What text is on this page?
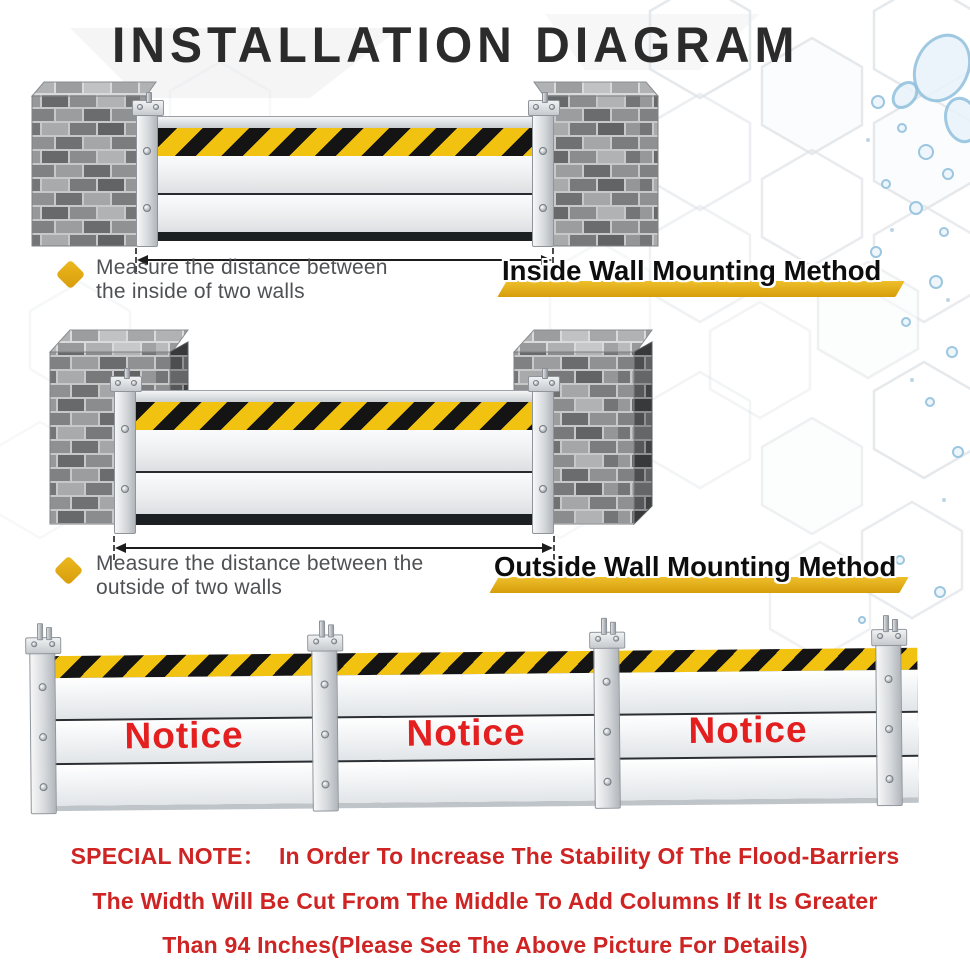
INSTALLATION DIAGRAM
Measure the distance between
the inside of two walls
Inside Wall Mounting Method
Measure the distance between the
outside of two walls
Outside Wall Mounting Method
Notice	Notice	Notice
SPECIAL NOTE：  In Order To Increase The Stability Of The Flood-Barriers
The Width Will Be Cut From The Middle To Add Columns If It Is Greater
Than 94 Inches(Please See The Above Picture For Details)
